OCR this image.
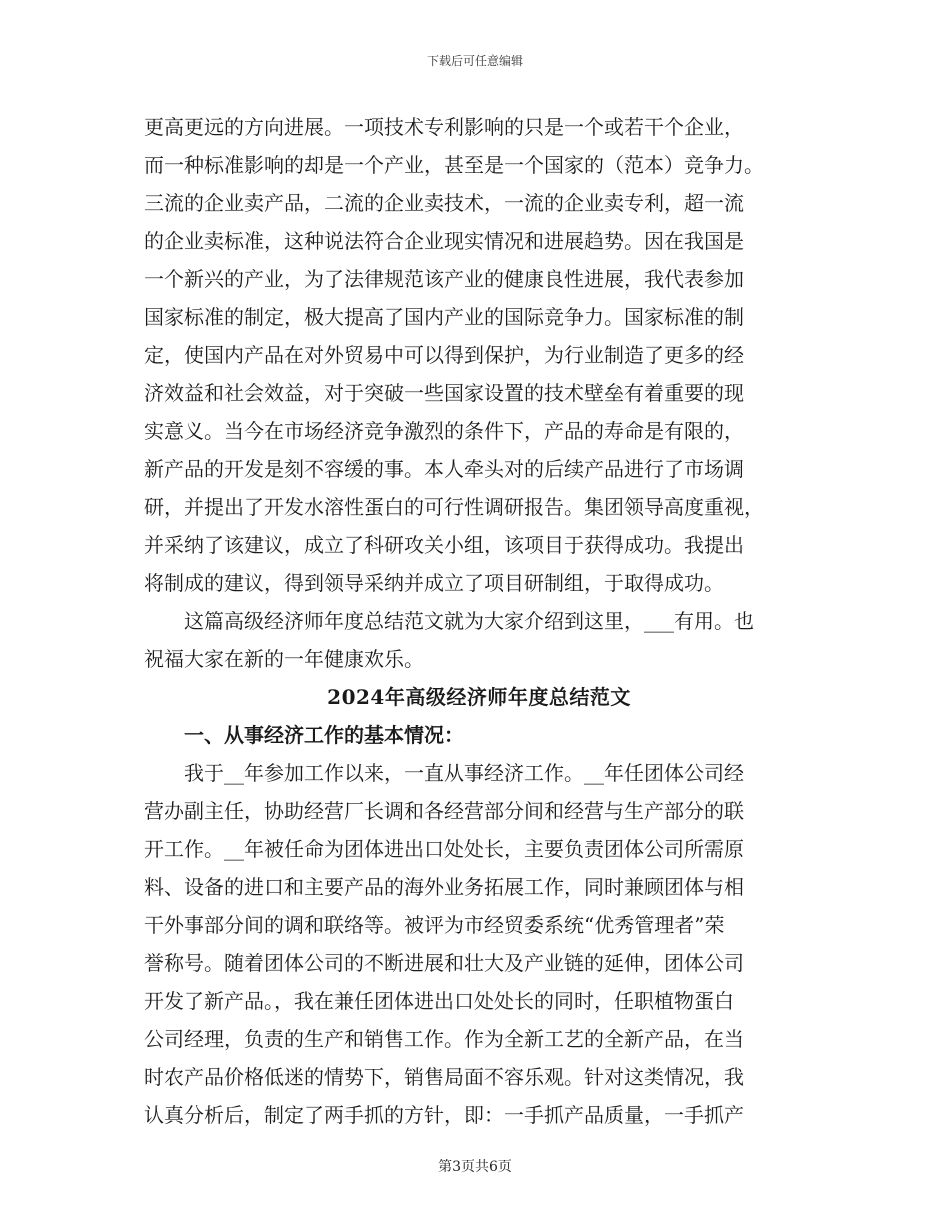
下载后可任意编辑
更高更远的方向进展。一项技术专利影响的只是一个或若干个企业，
而一种标准影响的却是一个产业，甚至是一个国家的（范本）竞争力。
三流的企业卖产品，二流的企业卖技术，一流的企业卖专利，超一流
的企业卖标准，这种说法符合企业现实情况和进展趋势。因在我国是
一个新兴的产业，为了法律规范该产业的健康良性进展，我代表参加
国家标准的制定，极大提高了国内产业的国际竞争力。国家标准的制
定，使国内产品在对外贸易中可以得到保护，为行业制造了更多的经
济效益和社会效益，对于突破一些国家设置的技术壁垒有着重要的现
实意义。当今在市场经济竞争激烈的条件下，产品的寿命是有限的，
新产品的开发是刻不容缓的事。本人牵头对的后续产品进行了市场调
研，并提出了开发水溶性蛋白的可行性调研报告。集团领导高度重视，
并采纳了该建议，成立了科研攻关小组，该项目于获得成功。我提出
将制成的建议，得到领导采纳并成立了项目研制组，于取得成功。
这篇高级经济师年度总结范文就为大家介绍到这里，___有用。也
祝福大家在新的一年健康欢乐。
2024年高级经济师年度总结范文
一、从事经济工作的基本情况：
我于__年参加工作以来，一直从事经济工作。__年任团体公司经
营办副主任，协助经营厂长调和各经营部分间和经营与生产部分的联
开工作。__年被任命为团体进出口处处长，主要负责团体公司所需原
料、设备的进口和主要产品的海外业务拓展工作，同时兼顾团体与相
干外事部分间的调和联络等。被评为市经贸委系统“优秀管理者”荣
誉称号。随着团体公司的不断进展和壮大及产业链的延伸，团体公司
开发了新产品。，我在兼任团体进出口处处长的同时，任职植物蛋白
公司经理，负责的生产和销售工作。作为全新工艺的全新产品，在当
时农产品价格低迷的情势下，销售局面不容乐观。针对这类情况，我
认真分析后，制定了两手抓的方针，即：一手抓产品质量，一手抓产
第3页共6页
